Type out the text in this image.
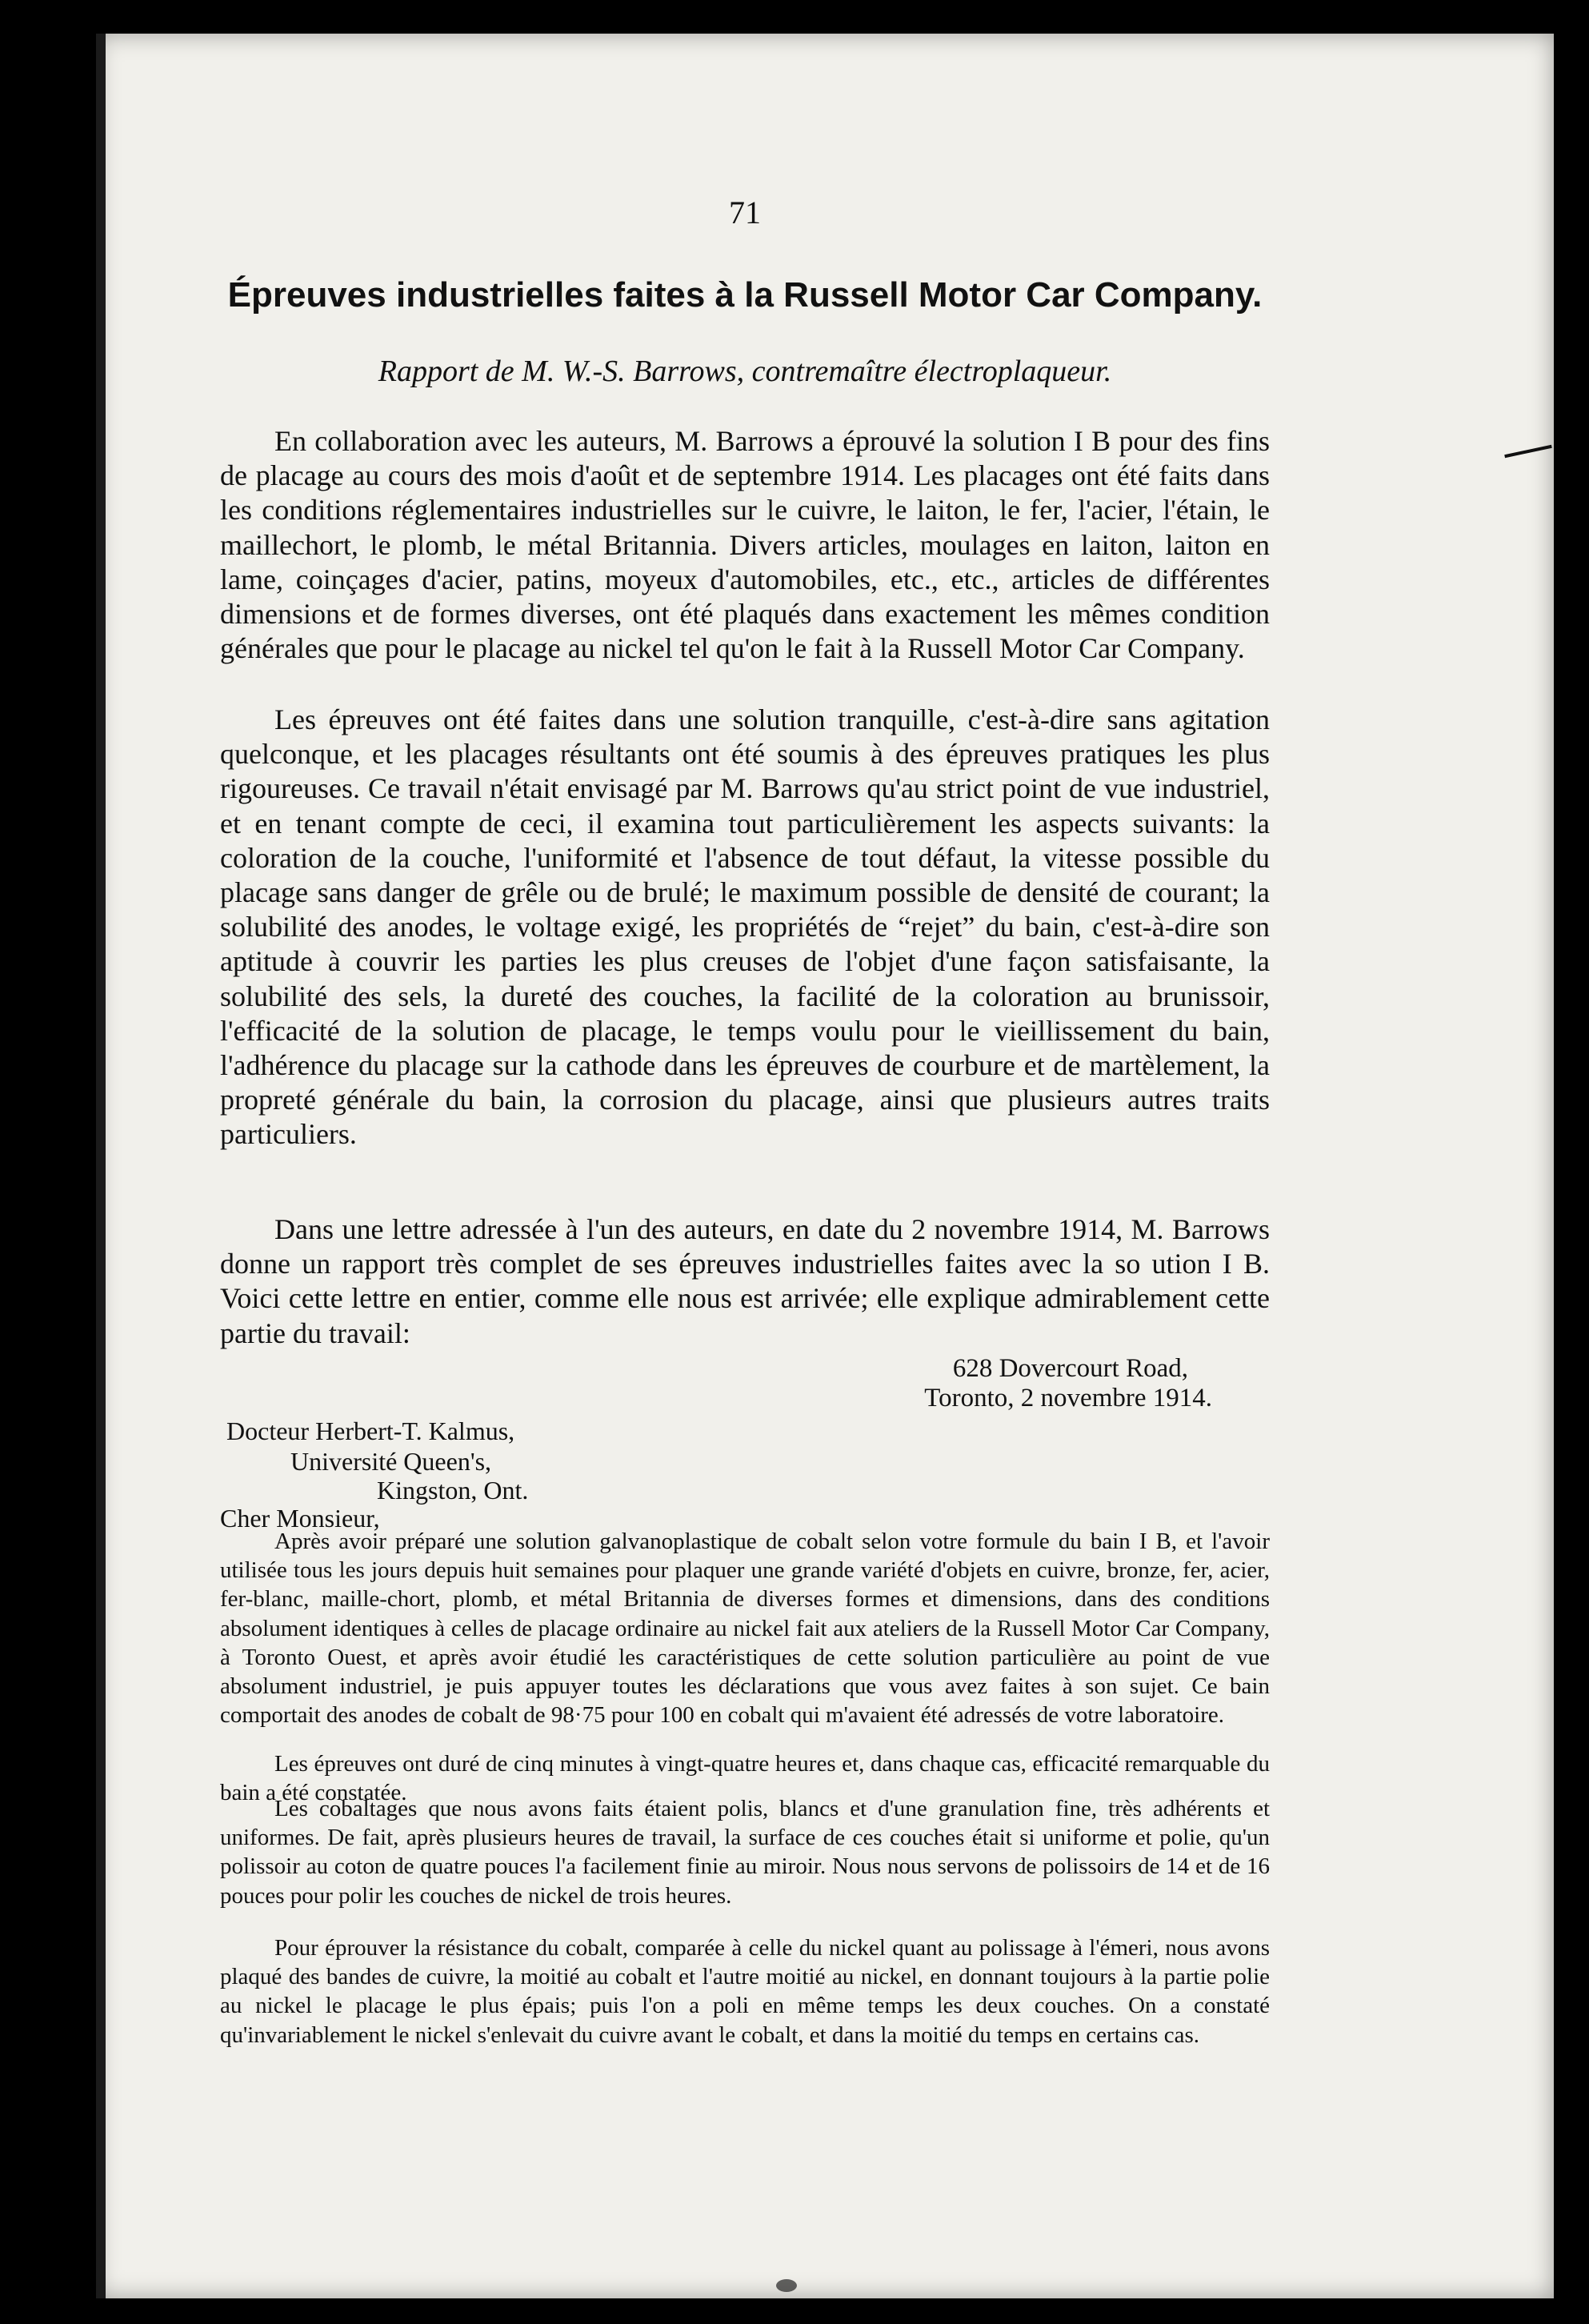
71
Épreuves industrielles faites à la Russell Motor Car Company.
Rapport de M. W.-S. Barrows, contremaître électroplaqueur.

En collaboration avec les auteurs, M. Barrows a éprouvé la solution I B pour des fins de placage au cours des mois d'août et de septembre 1914. Les placages ont été faits dans les conditions réglementaires industrielles sur le cuivre, le laiton, le fer, l'acier, l'étain, le maillechort, le plomb, le métal Britannia. Divers articles, moulages en laiton, laiton en lame, coinçages d'acier, patins, moyeux d'automobiles, etc., etc., articles de différentes dimensions et de formes diverses, ont été plaqués dans exactement les mêmes condition générales que pour le placage au nickel tel qu'on le fait à la Russell Motor Car Company.

Les épreuves ont été faites dans une solution tranquille, c'est-à-dire sans agitation quelconque, et les placages résultants ont été soumis à des épreuves pratiques les plus rigoureuses. Ce travail n'était envisagé par M. Barrows qu'au strict point de vue industriel, et en tenant compte de ceci, il examina tout particulièrement les aspects suivants: la coloration de la couche, l'uniformité et l'absence de tout défaut, la vitesse possible du placage sans danger de grêle ou de brulé; le maximum possible de densité de courant; la solubilité des anodes, le voltage exigé, les propriétés de “rejet” du bain, c'est-à-dire son aptitude à couvrir les parties les plus creuses de l'objet d'une façon satisfaisante, la solubilité des sels, la dureté des couches, la facilité de la coloration au brunissoir, l'efficacité de la solution de placage, le temps voulu pour le vieillissement du bain, l'adhérence du placage sur la cathode dans les épreuves de courbure et de martèlement, la propreté générale du bain, la corrosion du placage, ainsi que plusieurs autres traits particuliers.

Dans une lettre adressée à l'un des auteurs, en date du 2 novembre 1914, M. Barrows donne un rapport très complet de ses épreuves industrielles faites avec la so ution I B. Voici cette lettre en entier, comme elle nous est arrivée; elle explique admirablement cette partie du travail:

628 Dovercourt Road,
Toronto, 2 novembre 1914.
Docteur Herbert-T. Kalmus,
Université Queen's,
Kingston, Ont.
Cher Monsieur,

Après avoir préparé une solution galvanoplastique de cobalt selon votre formule du bain I B, et l'avoir utilisée tous les jours depuis huit semaines pour plaquer une grande variété d'objets en cuivre, bronze, fer, acier, fer-blanc, maille-chort, plomb, et métal Britannia de diverses formes et dimensions, dans des conditions absolument identiques à celles de placage ordinaire au nickel fait aux ateliers de la Russell Motor Car Company, à Toronto Ouest, et après avoir étudié les caractéristiques de cette solution particulière au point de vue absolument industriel, je puis appuyer toutes les déclarations que vous avez faites à son sujet. Ce bain comportait des anodes de cobalt de 98·75 pour 100 en cobalt qui m'avaient été adressés de votre laboratoire.

Les épreuves ont duré de cinq minutes à vingt-quatre heures et, dans chaque cas, efficacité remarquable du bain a été constatée.

Les cobaltages que nous avons faits étaient polis, blancs et d'une granulation fine, très adhérents et uniformes. De fait, après plusieurs heures de travail, la surface de ces couches était si uniforme et polie, qu'un polissoir au coton de quatre pouces l'a facilement finie au miroir. Nous nous servons de polissoirs de 14 et de 16 pouces pour polir les couches de nickel de trois heures.

Pour éprouver la résistance du cobalt, comparée à celle du nickel quant au polissage à l'émeri, nous avons plaqué des bandes de cuivre, la moitié au cobalt et l'autre moitié au nickel, en donnant toujours à la partie polie au nickel le placage le plus épais; puis l'on a poli en même temps les deux couches. On a constaté qu'invariablement le nickel s'enlevait du cuivre avant le cobalt, et dans la moitié du temps en certains cas.
